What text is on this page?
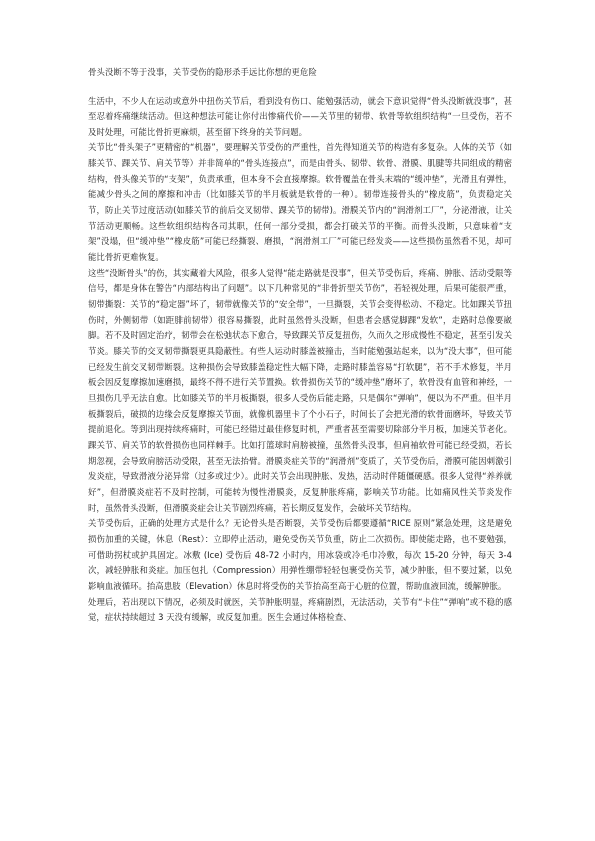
骨头没断不等于没事，关节受伤的隐形杀手远比你想的更危险

生活中，不少人在运动或意外中扭伤关节后，看到没有伤口、能勉强活动，就会下意识觉得“骨头没断就没事”，甚至忍着疼痛继续活动。但这种想法可能让你付出惨痛代价——关节里的韧带、软骨等软组织结构“一旦受伤，若不及时处理，可能比骨折更麻烦，甚至留下终身的关节问题。

关节比“骨头架子”更精密的“机器”，要理解关节受伤的严重性，首先得知道关节的构造有多复杂。人体的关节（如膝关节、踝关节、肩关节等）并非简单的“骨头连接点”，而是由骨头、韧带、软骨、滑膜、肌腱等共同组成的精密结构，骨头像关节的“支架”，负责承重，但本身不会直接摩擦。软骨覆盖在骨头末端的“缓冲垫”，光滑且有弹性，能减少骨头之间的摩擦和冲击（比如膝关节的半月板就是软骨的一种）。韧带连接骨头的“橡皮筋”，负责稳定关节，防止关节过度活动(如膝关节的前后交叉韧带、踝关节的韧带)。滑膜关节内的“润滑剂工厂”，分泌滑液，让关节活动更顺畅。这些软组织结构各司其职，任何一部分受损，都会打破关节的平衡。而骨头没断，只意味着“支架”没塌，但“缓冲垫”“橡皮筋”可能已经撕裂、磨损，“润滑剂工厂”可能已经发炎——这些损伤虽然看不见，却可能比骨折更难恢复。

这些“没断骨头”的伤，其实藏着大风险，很多人觉得“能走路就是没事”，但关节受伤后，疼痛、肿胀、活动受限等信号，都是身体在警告“内部结构出了问题”。以下几种常见的“非骨折型关节伤”，若轻视处理，后果可能很严重，韧带撕裂：关节的“稳定器”坏了，韧带就像关节的“安全带”，一旦撕裂，关节会变得松动、不稳定。比如踝关节扭伤时，外侧韧带（如距腓前韧带）很容易撕裂，此时虽然骨头没断，但患者会感觉脚踝“发软”，走路时总像要崴脚。若不及时固定治疗，韧带会在松弛状态下愈合，导致踝关节反复扭伤，久而久之形成慢性不稳定，甚至引发关节炎。膝关节的交叉韧带撕裂更具隐蔽性。有些人运动时膝盖被撞击，当时能勉强站起来，以为“没大事”，但可能已经发生前交叉韧带断裂。这种损伤会导致膝盖稳定性大幅下降，走路时膝盖容易“打软腿”，若不手术修复，半月板会因反复摩擦加速磨损，最终不得不进行关节置换。软骨损伤关节的“缓冲垫”磨坏了，软骨没有血管和神经，一旦损伤几乎无法自愈。比如膝关节的半月板撕裂，很多人受伤后能走路，只是偶尔“弹响”，便以为不严重。但半月板撕裂后，破损的边缘会反复摩擦关节面，就像机器里卡了个小石子，时间长了会把光滑的软骨面磨坏，导致关节提前退化。等到出现持续疼痛时，可能已经错过最佳修复时机，严重者甚至需要切除部分半月板，加速关节老化。踝关节、肩关节的软骨损伤也同样棘手。比如打篮球时肩膀被撞，虽然骨头没事，但肩袖软骨可能已经受损，若长期忽视，会导致肩膀活动受限，甚至无法抬臂。滑膜炎症关节的“润滑剂”变质了，关节受伤后，滑膜可能因刺激引发炎症，导致滑液分泌异常（过多或过少）。此时关节会出现肿胀、发热，活动时伴随僵硬感。很多人觉得“养养就好”，但滑膜炎症若不及时控制，可能转为慢性滑膜炎，反复肿胀疼痛，影响关节功能。比如痛风性关节炎发作时，虽然骨头没断，但滑膜炎症会让关节剧烈疼痛，若长期反复发作，会破坏关节结构。

关节受伤后，正确的处理方式是什么？无论骨头是否断裂，关节受伤后都要遵循“RICE 原则”紧急处理，这是避免损伤加重的关键，休息（Rest）：立即停止活动，避免受伤关节负重，防止二次损伤。即使能走路，也不要勉强，可借助拐杖或护具固定。冰敷 (Ice) 受伤后 48-72 小时内，用冰袋或冷毛巾冷敷，每次 15-20 分钟，每天 3-4 次，减轻肿胀和炎症。加压包扎（Compression）用弹性绷带轻轻包裹受伤关节，减少肿胀，但不要过紧，以免影响血液循环。抬高患肢（Elevation）休息时将受伤的关节抬高至高于心脏的位置，帮助血液回流，缓解肿胀。

处理后，若出现以下情况，必须及时就医，关节肿胀明显，疼痛剧烈，无法活动，关节有“卡住”“弹响”或不稳的感觉，症状持续超过 3 天没有缓解，或反复加重。医生会通过体格检查、
